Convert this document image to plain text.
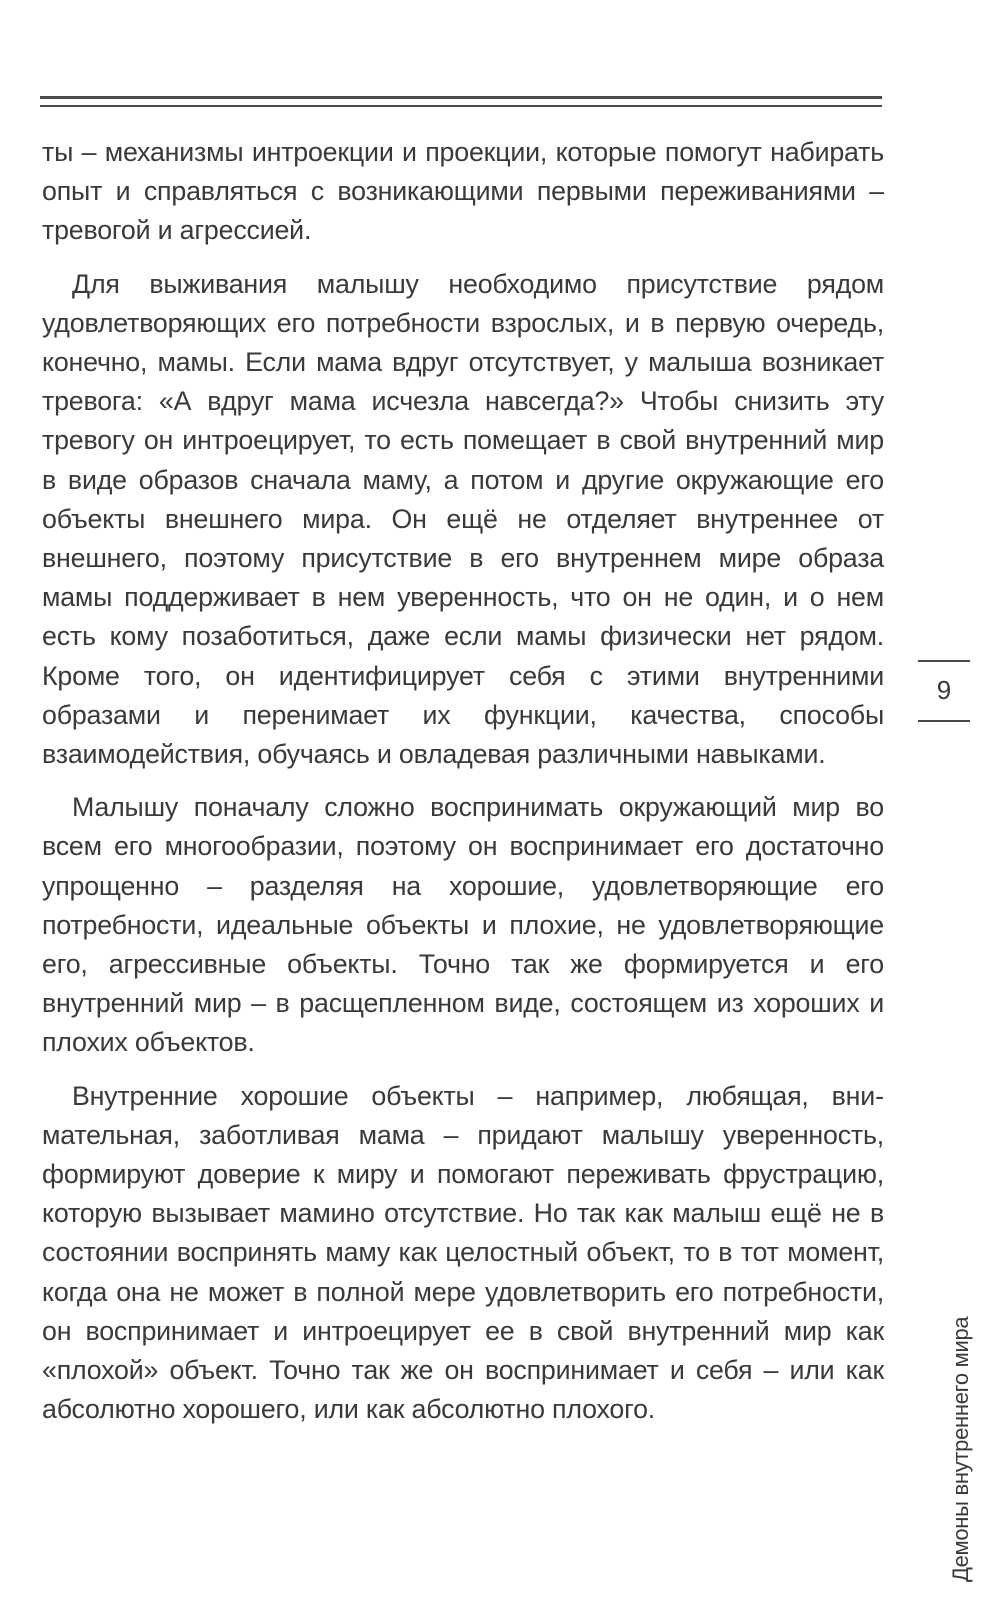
ты – механизмы интроекции и проекции, которые помогут набирать опыт и справляться с возникающими первыми переживаниями – тревогой и агрессией.

Для выживания малышу необходимо присутствие рядом удовлетворяющих его потребности взрослых, и в первую очередь, конечно, мамы. Если мама вдруг отсутствует, у малыша возникает тревога: «А вдруг мама исчезла навсегда?» Чтобы снизить эту тревогу он интроецирует, то есть помещает в свой внутренний мир в виде образов сначала маму, а потом и другие окружающие его объекты внешнего мира. Он ещё не отделяет внутреннее от внешнего, поэтому присутствие в его внутреннем мире образа мамы поддерживает в нем уверенность, что он не один, и о нем есть кому позаботиться, даже если мамы физически нет рядом. Кроме того, он идентифицирует себя с этими внутренними образами и перенимает их функции, качества, способы взаимодействия, обучаясь и овладевая различными навыками.

Малышу поначалу сложно воспринимать окружающий мир во всем его многообразии, поэтому он воспринимает его достаточно упрощенно – разделяя на хорошие, удовлетворяющие его потребности, идеальные объекты и плохие, не удовлетворяющие его, агрессивные объекты. Точно так же формируется и его внутренний мир – в расщепленном виде, состоящем из хороших и плохих объектов.

Внутренние хорошие объекты – например, любящая, внимательная, заботливая мама – придают малышу уверенность, формируют доверие к миру и помогают переживать фрустрацию, которую вызывает мамино отсутствие. Но так как малыш ещё не в состоянии воспринять маму как целостный объект, то в тот момент, когда она не может в полной мере удовлетворить его потребности, он воспринимает и интроецирует ее в свой внутренний мир как «плохой» объект. Точно так же он воспринимает и себя – или как абсолютно хорошего, или как абсолютно плохого.

9
Демоны внутреннего мира
